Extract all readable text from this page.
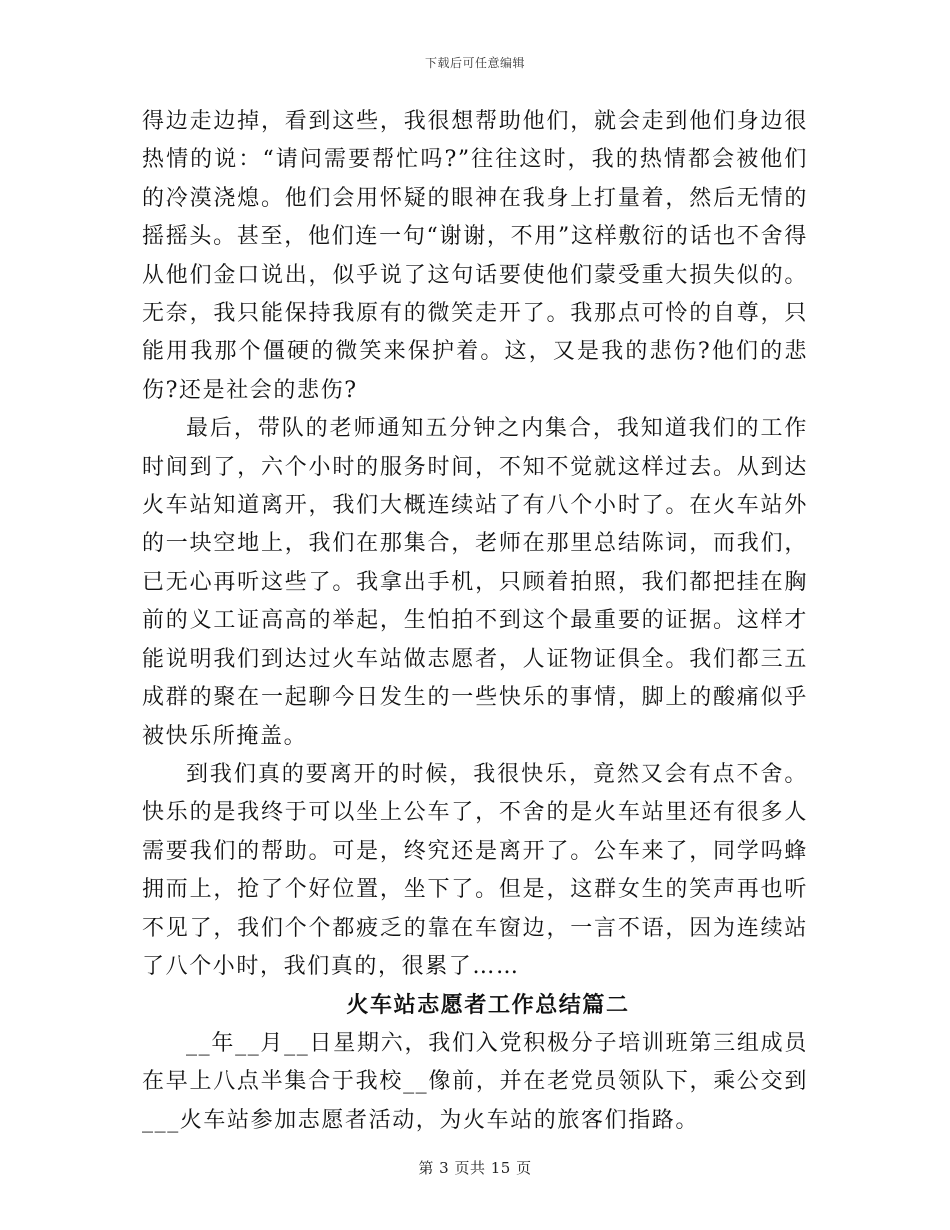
下载后可任意编辑

得边走边掉，看到这些，我很想帮助他们，就会走到他们身边很热情的说：“请问需要帮忙吗?”往往这时，我的热情都会被他们的冷漠浇熄。他们会用怀疑的眼神在我身上打量着，然后无情的摇摇头。甚至，他们连一句“谢谢，不用”这样敷衍的话也不舍得从他们金口说出，似乎说了这句话要使他们蒙受重大损失似的。无奈，我只能保持我原有的微笑走开了。我那点可怜的自尊，只能用我那个僵硬的微笑来保护着。这，又是我的悲伤?他们的悲伤?还是社会的悲伤?

最后，带队的老师通知五分钟之内集合，我知道我们的工作时间到了，六个小时的服务时间，不知不觉就这样过去。从到达火车站知道离开，我们大概连续站了有八个小时了。在火车站外的一块空地上，我们在那集合，老师在那里总结陈词，而我们，已无心再听这些了。我拿出手机，只顾着拍照，我们都把挂在胸前的义工证高高的举起，生怕拍不到这个最重要的证据。这样才能说明我们到达过火车站做志愿者，人证物证俱全。我们都三五成群的聚在一起聊今日发生的一些快乐的事情，脚上的酸痛似乎被快乐所掩盖。

到我们真的要离开的时候，我很快乐，竟然又会有点不舍。快乐的是我终于可以坐上公车了，不舍的是火车站里还有很多人需要我们的帮助。可是，终究还是离开了。公车来了，同学吗蜂拥而上，抢了个好位置，坐下了。但是，这群女生的笑声再也听不见了，我们个个都疲乏的靠在车窗边，一言不语，因为连续站了八个小时，我们真的，很累了……

火车站志愿者工作总结篇二

__年__月__日星期六，我们入党积极分子培训班第三组成员在早上八点半集合于我校__像前，并在老党员领队下，乘公交到___火车站参加志愿者活动，为火车站的旅客们指路。

第 3 页共 15 页
